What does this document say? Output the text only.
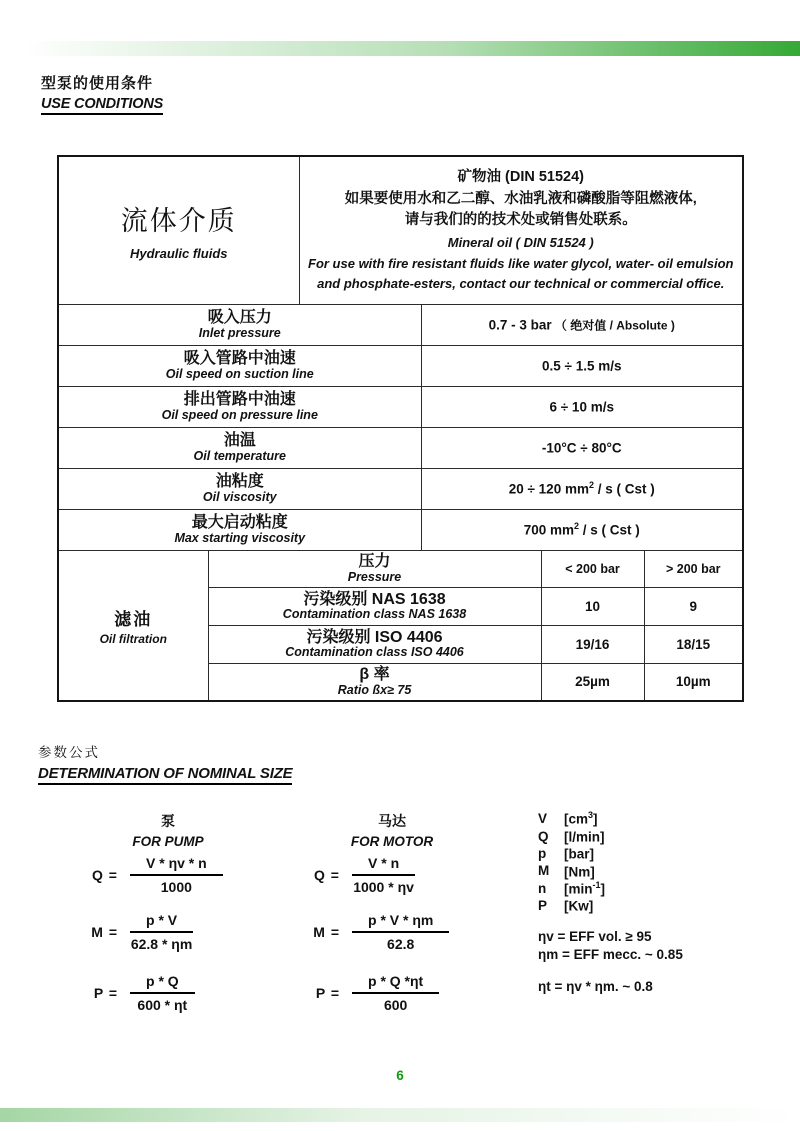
型泵的使用条件
USE CONDITIONS
流体介质
Hydraulic fluids

矿物油 (DIN 51524)
如果要使用水和乙二醇、水油乳液和磷酸脂等阻燃液体,
请与我们的的技术处或销售处联系。
Mineral oil ( DIN 51524 )
For use with fire resistant fluids like water glycol, water- oil emulsion
and phosphate-esters, contact our technical or commercial office.

吸入压力
Inlet pressure			0.7 - 3 bar （ 绝对值 / Absolute )		

吸入管路中油速
Oil speed on suction line			0.5 ÷ 1.5 m/s		

排出管路中油速
Oil speed on pressure line			6 ÷ 10 m/s		

油温
Oil temperature			-10°C ÷ 80°C		

油粘度
Oil viscosity			20 ÷ 120 $mm^2$ / s ( Cst )		

最大启动粘度
Max starting viscosity			700 $mm^2$ / s ( Cst )		

滤油
Oil filtration

压力
Pressure
	< 200 bar	> 200 bar

	污染级别 NAS 1638
Contamination class NAS 1638			10	9

	污染级别 ISO 4406
Contamination class ISO 4406			19/16	18/15

	β 率
Ratio ßx≥ 75			25µm	10µm
参数公式
DETERMINATION OF NOMINAL SIZE
泵
FOR PUMP
$Q = \frac{V * \eta v * n}{1000}$
$M = \frac{p * V}{62.8 * \eta m}$
$P = \frac{p * Q}{600 * \eta t}$
马达
FOR MOTOR
$Q = \frac{V * n}{1000 * \eta v}$
$M = \frac{p * V * \eta m}{62.8}$
$P = \frac{p * Q *\eta t}{600}$
V	$[cm^3]$
Q	[l/min]
p	[bar]
M	[Nm]
n	$[\min^{-1}]$
P	[Kw]
ηv = EFF vol. ≥ 95
ηm = EFF mecc. ~ 0.85
ηt = ηv * ηm. ~ 0.8
6
